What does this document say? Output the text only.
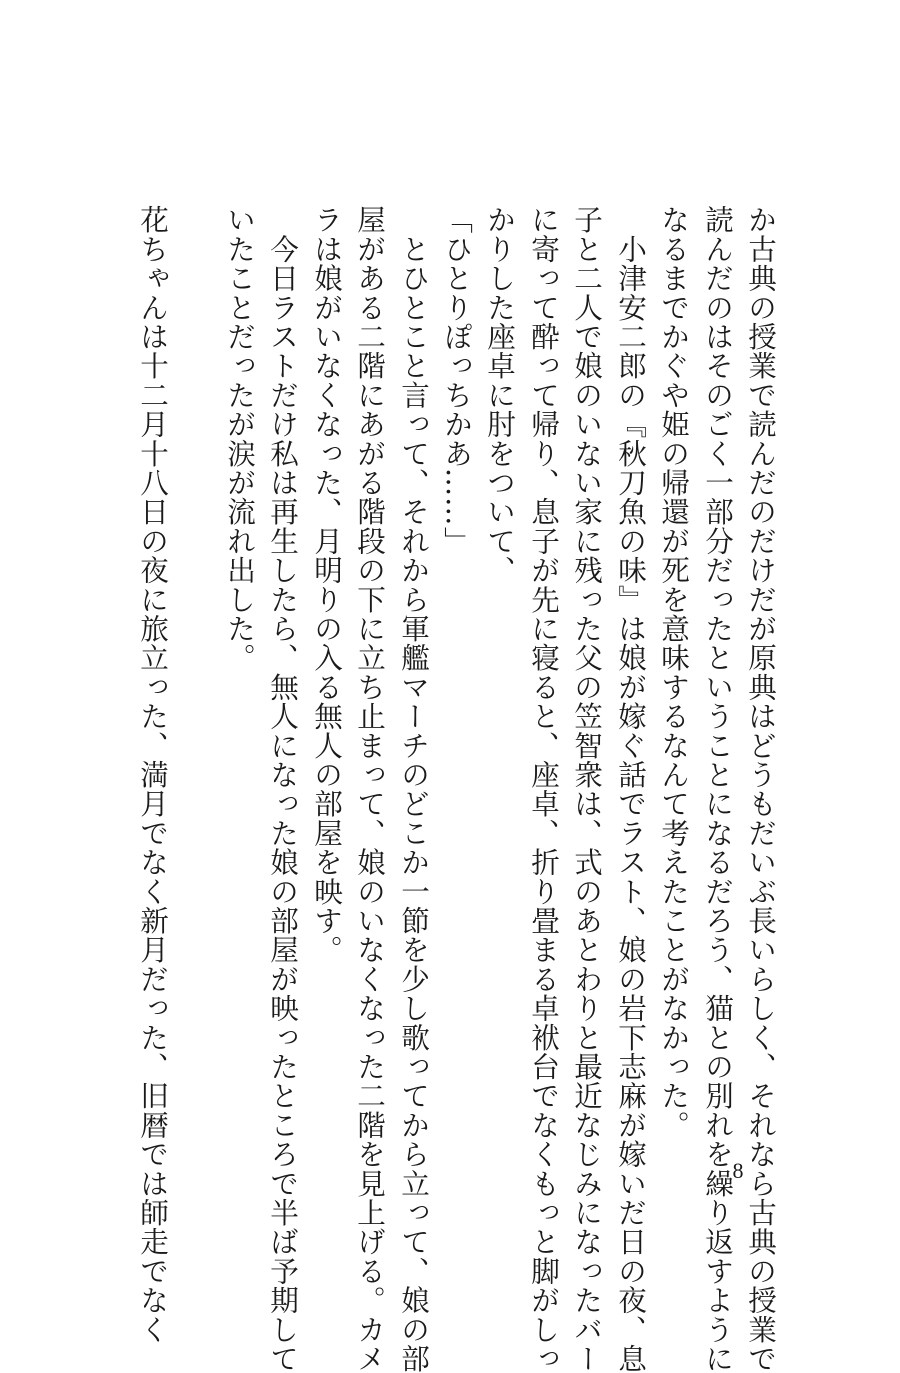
か古典の授業で読んだのだけだが原典はどうもだいぶ長いらしく、それなら古典の授業で
読んだのはそのごく一部分だったということになるだろう、猫との別れを繰り返すように
なるまでかぐや姫の帰還が死を意味するなんて考えたことがなかった。
　小津安二郎の『秋刀魚の味』は娘が嫁ぐ話でラスト、娘の岩下志麻が嫁いだ日の夜、息
子と二人で娘のいない家に残った父の笠智衆は、式のあとわりと最近なじみになったバー
に寄って酔って帰り、息子が先に寝ると、座卓、折り畳まる卓袱台でなくもっと脚がしっ
かりした座卓に肘をついて、
「ひとりぽっちかあ……」
　とひとこと言って、それから軍艦マーチのどこか一節を少し歌ってから立って、娘の部
屋がある二階にあがる階段の下に立ち止まって、娘のいなくなった二階を見上げる。カメ
ラは娘がいなくなった、月明りの入る無人の部屋を映す。
　今日ラストだけ私は再生したら、無人になった娘の部屋が映ったところで半ば予期して
いたことだったが涙が流れ出した。
花ちゃんは十二月十八日の夜に旅立った、満月でなく新月だった、旧暦では師走でなく	8
